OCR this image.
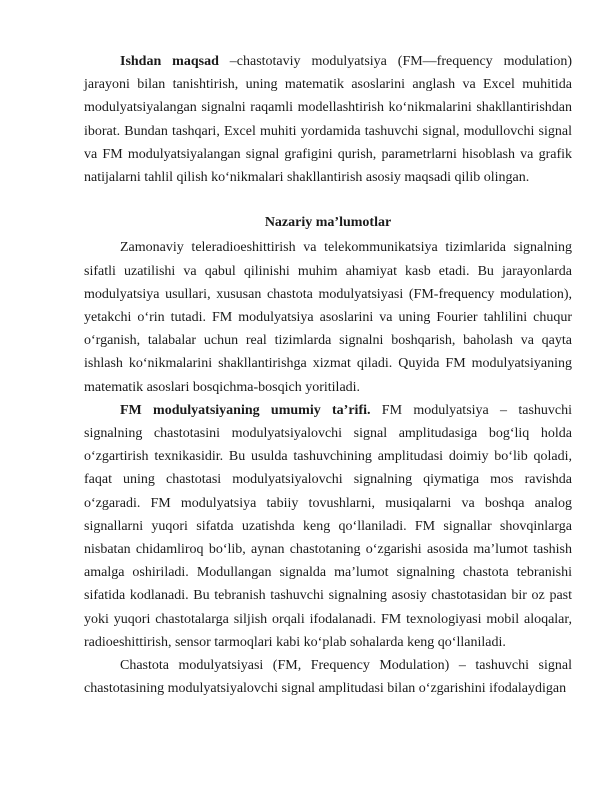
Ishdan maqsad –chastotaviy modulyatsiya (FM—frequency modulation) jarayoni bilan tanishtirish, uning matematik asoslarini anglash va Excel muhitida modulyatsiyalangan signalni raqamli modellashtirish koʻnikmalarini shakllantirishdan iborat. Bundan tashqari, Excel muhiti yordamida tashuvchi signal, modullovchi signal va FM modulyatsiyalangan signal grafigini qurish, parametrlarni hisoblash va grafik natijalarni tahlil qilish koʻnikmalari shakllantirish asosiy maqsadi qilib olingan.

Nazariy maʼlumotlar

Zamonaviy teleradioeshittirish va telekommunikatsiya tizimlarida signalning sifatli uzatilishi va qabul qilinishi muhim ahamiyat kasb etadi. Bu jarayonlarda modulyatsiya usullari, xususan chastota modulyatsiyasi (FM-frequency modulation), yetakchi oʻrin tutadi. FM modulyatsiya asoslarini va uning Fourier tahlilini chuqur oʻrganish, talabalar uchun real tizimlarda signalni boshqarish, baholash va qayta ishlash koʻnikmalarini shakllantirishga xizmat qiladi. Quyida FM modulyatsiyaning matematik asoslari bosqichma-bosqich yoritiladi.

FM modulyatsiyaning umumiy taʼrifi. FM modulyatsiya – tashuvchi signalning chastotasini modulyatsiyalovchi signal amplitudasiga bogʻliq holda oʻzgartirish texnikasidir. Bu usulda tashuvchining amplitudasi doimiy boʻlib qoladi, faqat uning chastotasi modulyatsiyalovchi signalning qiymatiga mos ravishda oʻzgaradi. FM modulyatsiya tabiiy tovushlarni, musiqalarni va boshqa analog signallarni yuqori sifatda uzatishda keng qoʻllaniladi. FM signallar shovqinlarga nisbatan chidamliroq boʻlib, aynan chastotaning oʻzgarishi asosida maʼlumot tashish amalga oshiriladi. Modullangan signalda maʼlumot signalning chastota tebranishi sifatida kodlanadi. Bu tebranish tashuvchi signalning asosiy chastotasidan bir oz past yoki yuqori chastotalarga siljish orqali ifodalanadi. FM texnologiyasi mobil aloqalar, radioeshittirish, sensor tarmoqlari kabi koʻplab sohalarda keng qoʻllaniladi.

Chastota modulyatsiyasi (FM, Frequency Modulation) – tashuvchi signal chastotasining modulyatsiyalovchi signal amplitudasi bilan oʻzgarishini ifodalaydigan
